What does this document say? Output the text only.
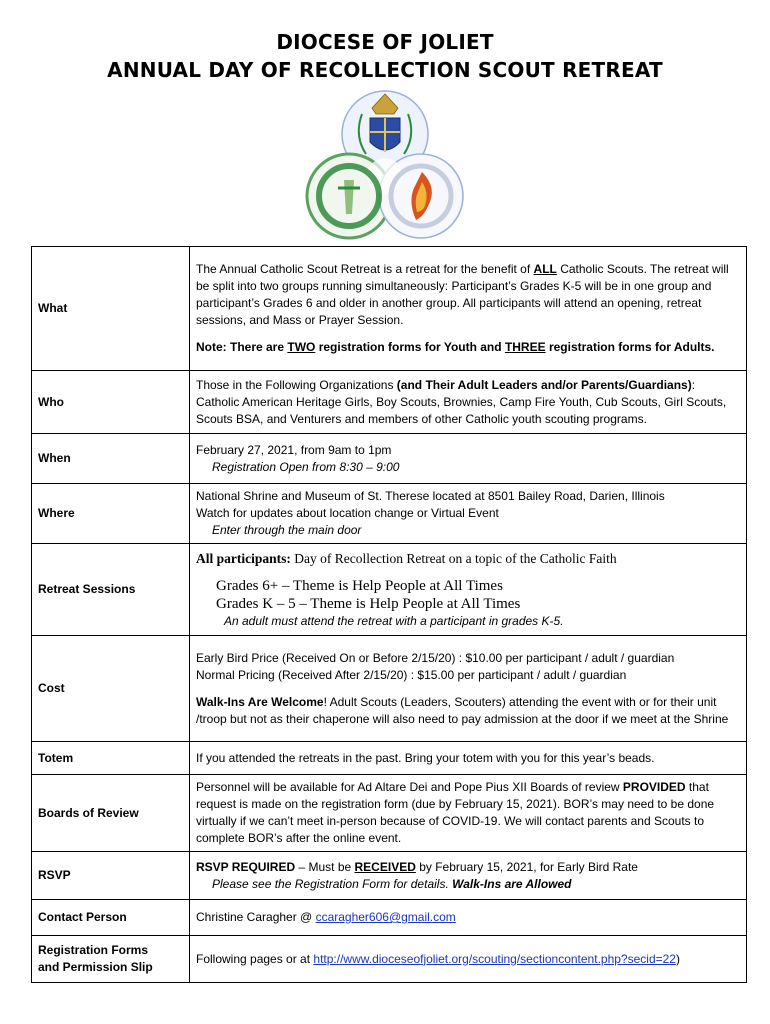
DIOCESE OF JOLIET
ANNUAL DAY OF RECOLLECTION SCOUT RETREAT
What	The Annual Catholic Scout Retreat is a retreat for the benefit of ALL Catholic Scouts. The retreat will be split into two groups running simultaneously: Participant’s Grades K-5 will be in one group and participant’s Grades 6 and older in another group. All participants will attend an opening, retreat sessions, and Mass or Prayer Session.

Note: There are TWO registration forms for Youth and THREE registration forms for Adults.

Who	Those in the Following Organizations (and Their Adult Leaders and/or Parents/Guardians): Catholic American Heritage Girls, Boy Scouts, Brownies, Camp Fire Youth, Cub Scouts, Girl Scouts, Scouts BSA, and Venturers and members of other Catholic youth scouting programs.
When	February 27, 2021, from 9am to 1pm

Registration Open from 8:30 – 9:00

Where	National Shrine and Museum of St. Therese located at 8501 Bailey Road, Darien, Illinois

Watch for updates about location change or Virtual Event

Enter through the main door

Retreat Sessions	All participants: Day of Recollection Retreat on a topic of the Catholic Faith

Grades 6+ – Theme is Help People at All Times

Grades K – 5 – Theme is Help People at All Times

An adult must attend the retreat with a participant in grades K-5.

Cost	Early Bird Price (Received On or Before 2/15/20) : $10.00 per participant / adult / guardian

Normal Pricing (Received After 2/15/20) : $15.00 per participant / adult / guardian

Walk-Ins Are Welcome! Adult Scouts (Leaders, Scouters) attending the event with or for their unit /troop but not as their chaperone will also need to pay admission at the door if we meet at the Shrine

Totem	If you attended the retreats in the past. Bring your totem with you for this year’s beads.
Boards of Review	Personnel will be available for Ad Altare Dei and Pope Pius XII Boards of review PROVIDED that request is made on the registration form (due by February 15, 2021). BOR’s may need to be done virtually if we can’t meet in-person because of COVID-19. We will contact parents and Scouts to complete BOR’s after the online event.
RSVP	RSVP REQUIRED – Must be RECEIVED by February 15, 2021, for Early Bird Rate

Please see the Registration Form for details. Walk-Ins are Allowed

Contact Person	Christine Caragher @ ccaragher606@gmail.com
Registration Forms
and Permission Slip	Following pages or at http://www.dioceseofjoliet.org/scouting/sectioncontent.php?secid=22)
